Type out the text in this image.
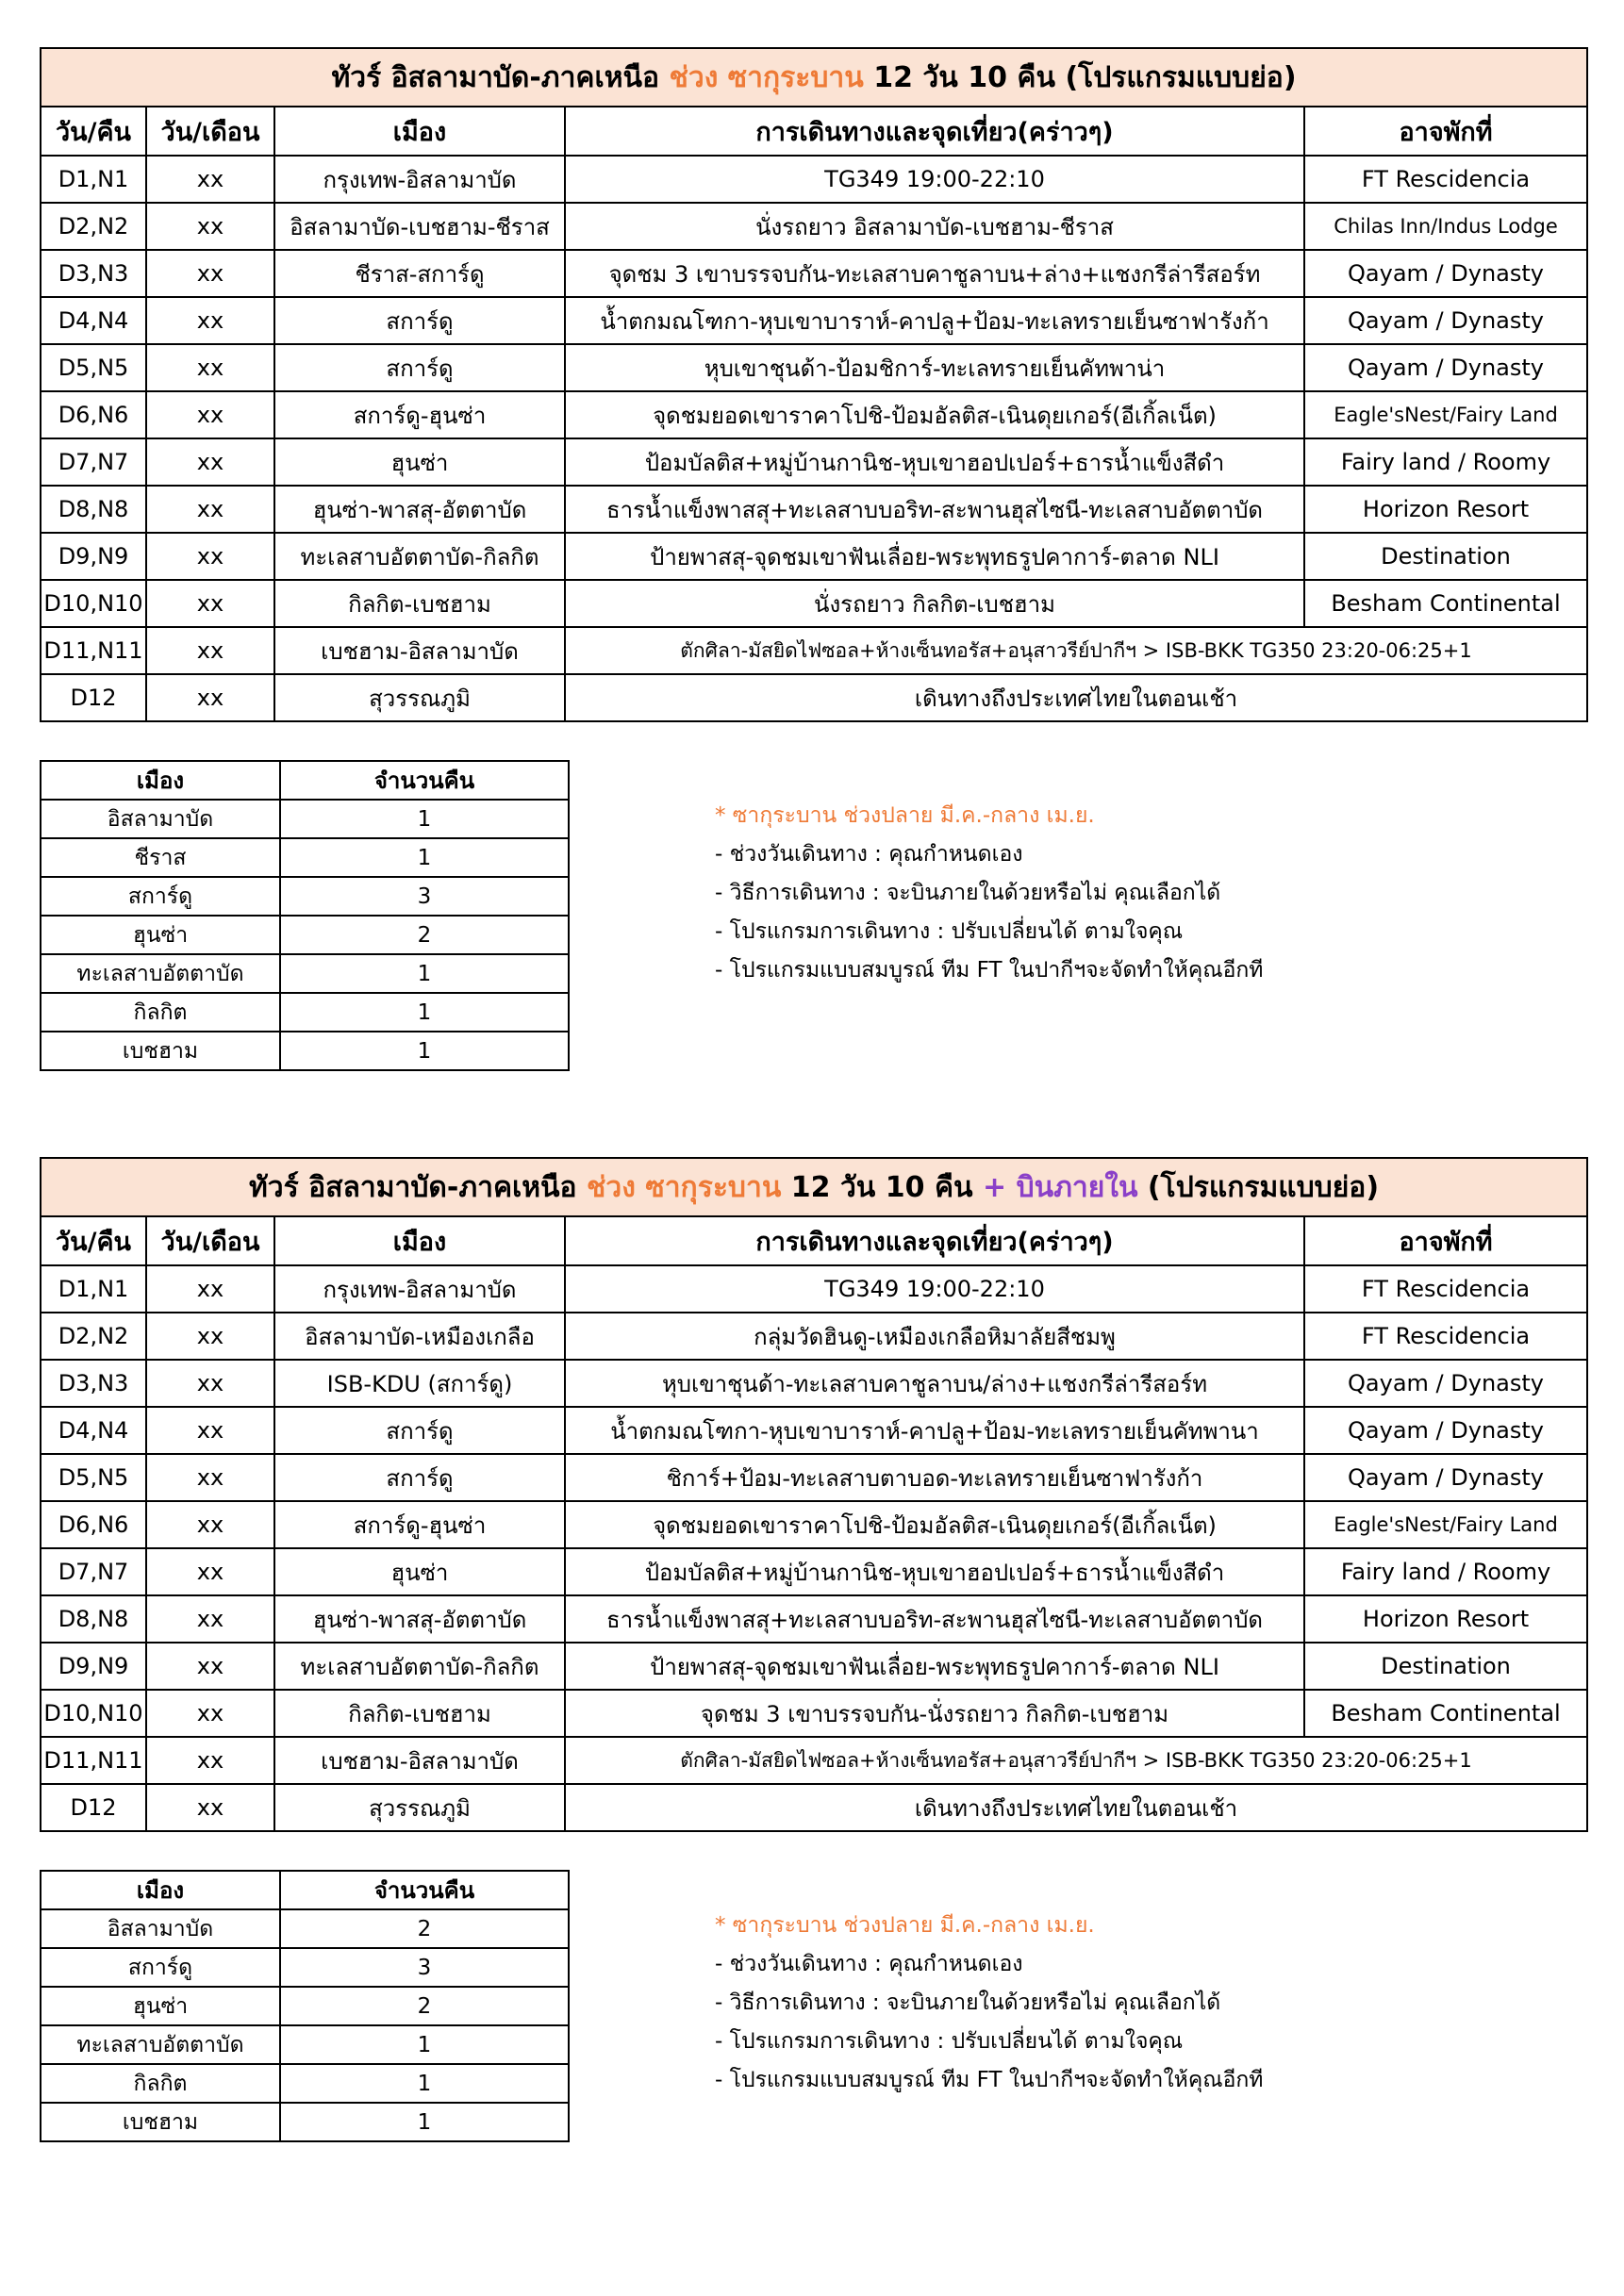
ทัวร์ อิสลามาบัด-ภาคเหนือ ช่วง ซากุระบาน 12 วัน 10 คืน (โปรแกรมแบบย่อ)				
วัน/คืน	วัน/เดือน	เมือง	การเดินทางและจุดเที่ยว(คร่าวๆ)	อาจพักที่
D1,N1	xx	กรุงเทพ-อิสลามาบัด	TG349 19:00-22:10	FT Rescidencia
D2,N2	xx	อิสลามาบัด-เบชฮาม-ชีราส	นั่งรถยาว อิสลามาบัด-เบชฮาม-ชีราส	Chilas Inn/Indus Lodge
D3,N3	xx	ชีราส-สการ์ดู	จุดชม 3 เขาบรรจบกัน-ทะเลสาบคาชูลาบน+ล่าง+แชงกรีล่ารีสอร์ท	Qayam / Dynasty
D4,N4	xx	สการ์ดู	น้ำตกมณโฑกา-หุบเขาบาราห์-คาปลู+ป้อม-ทะเลทรายเย็นซาฟารังก้า	Qayam / Dynasty
D5,N5	xx	สการ์ดู	หุบเขาชุนด้า-ป้อมชิการ์-ทะเลทรายเย็นคัทพาน่า	Qayam / Dynasty
D6,N6	xx	สการ์ดู-ฮุนซ่า	จุดชมยอดเขาราคาโปชิ-ป้อมอัลติส-เนินดุยเกอร์(อีเกิ้ลเน็ต)	Eagle'sNest/Fairy Land
D7,N7	xx	ฮุนซ่า	ป้อมบัลติส+หมู่บ้านกานิช-หุบเขาฮอปเปอร์+ธารน้ำแข็งสีดำ	Fairy land / Roomy
D8,N8	xx	ฮุนซ่า-พาสสุ-อัตตาบัด	ธารน้ำแข็งพาสสุ+ทะเลสาบบอริท-สะพานฮุสไซนี-ทะเลสาบอัตตาบัด	Horizon Resort
D9,N9	xx	ทะเลสาบอัตตาบัด-กิลกิต	ป้ายพาสสุ-จุดชมเขาฟันเลื่อย-พระพุทธรูปคาการ์-ตลาด NLI	Destination
D10,N10	xx	กิลกิต-เบชฮาม	นั่งรถยาว กิลกิต-เบชฮาม	Besham Continental
D11,N11	xx	เบชฮาม-อิสลามาบัด	ตักศิลา-มัสยิดไฟซอล+ห้างเซ็นทอรัส+อนุสาวรีย์ปากีฯ > ISB-BKK TG350 23:20-06:25+1	
D12	xx	สุวรรณภูมิ	เดินทางถึงประเทศไทยในตอนเช้า	
เมือง	จำนวนคืน
อิสลามาบัด	1
ชีราส	1
สการ์ดู	3
ฮุนซ่า	2
ทะเลสาบอัตตาบัด	1
กิลกิต	1
เบชฮาม	1
* ซากุระบาน ช่วงปลาย มี.ค.-กลาง เม.ย.
- ช่วงวันเดินทาง : คุณกำหนดเอง
- วิธีการเดินทาง : จะบินภายในด้วยหรือไม่ คุณเลือกได้
- โปรแกรมการเดินทาง : ปรับเปลี่ยนได้ ตามใจคุณ
- โปรแกรมแบบสมบูรณ์ ทีม FT ในปากีฯจะจัดทำให้คุณอีกที
ทัวร์ อิสลามาบัด-ภาคเหนือ ช่วง ซากุระบาน 12 วัน 10 คืน + บินภายใน (โปรแกรมแบบย่อ)				
วัน/คืน	วัน/เดือน	เมือง	การเดินทางและจุดเที่ยว(คร่าวๆ)	อาจพักที่
D1,N1	xx	กรุงเทพ-อิสลามาบัด	TG349 19:00-22:10	FT Rescidencia
D2,N2	xx	อิสลามาบัด-เหมืองเกลือ	กลุ่มวัดฮินดู-เหมืองเกลือหิมาลัยสีชมพู	FT Rescidencia
D3,N3	xx	ISB-KDU (สการ์ดู)	หุบเขาชุนด้า-ทะเลสาบคาชูลาบน/ล่าง+แชงกรีล่ารีสอร์ท	Qayam / Dynasty
D4,N4	xx	สการ์ดู	น้ำตกมณโฑกา-หุบเขาบาราห์-คาปลู+ป้อม-ทะเลทรายเย็นคัทพานา	Qayam / Dynasty
D5,N5	xx	สการ์ดู	ชิการ์+ป้อม-ทะเลสาบตาบอด-ทะเลทรายเย็นซาฟารังก้า	Qayam / Dynasty
D6,N6	xx	สการ์ดู-ฮุนซ่า	จุดชมยอดเขาราคาโปชิ-ป้อมอัลติส-เนินดุยเกอร์(อีเกิ้ลเน็ต)	Eagle'sNest/Fairy Land
D7,N7	xx	ฮุนซ่า	ป้อมบัลติส+หมู่บ้านกานิช-หุบเขาฮอปเปอร์+ธารน้ำแข็งสีดำ	Fairy land / Roomy
D8,N8	xx	ฮุนซ่า-พาสสุ-อัตตาบัด	ธารน้ำแข็งพาสสุ+ทะเลสาบบอริท-สะพานฮุสไซนี-ทะเลสาบอัตตาบัด	Horizon Resort
D9,N9	xx	ทะเลสาบอัตตาบัด-กิลกิต	ป้ายพาสสุ-จุดชมเขาฟันเลื่อย-พระพุทธรูปคาการ์-ตลาด NLI	Destination
D10,N10	xx	กิลกิต-เบชฮาม	จุดชม 3 เขาบรรจบกัน-นั่งรถยาว กิลกิต-เบชฮาม	Besham Continental
D11,N11	xx	เบชฮาม-อิสลามาบัด	ตักศิลา-มัสยิดไฟซอล+ห้างเซ็นทอรัส+อนุสาวรีย์ปากีฯ > ISB-BKK TG350 23:20-06:25+1	
D12	xx	สุวรรณภูมิ	เดินทางถึงประเทศไทยในตอนเช้า	
เมือง	จำนวนคืน
อิสลามาบัด	2
สการ์ดู	3
ฮุนซ่า	2
ทะเลสาบอัตตาบัด	1
กิลกิต	1
เบชฮาม	1
* ซากุระบาน ช่วงปลาย มี.ค.-กลาง เม.ย.
- ช่วงวันเดินทาง : คุณกำหนดเอง
- วิธีการเดินทาง : จะบินภายในด้วยหรือไม่ คุณเลือกได้
- โปรแกรมการเดินทาง : ปรับเปลี่ยนได้ ตามใจคุณ
- โปรแกรมแบบสมบูรณ์ ทีม FT ในปากีฯจะจัดทำให้คุณอีกที
